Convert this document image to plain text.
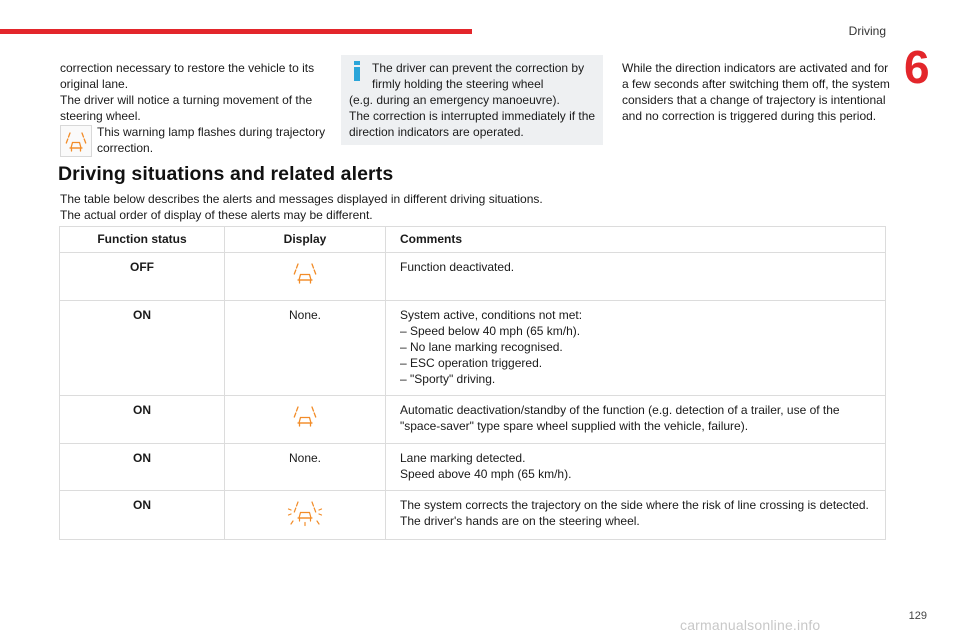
Driving
6
correction necessary to restore the vehicle to its original lane.
The driver will notice a turning movement of the steering wheel.
This warning lamp flashes during trajectory correction.
The driver can prevent the correction by firmly holding the steering wheel
(e.g. during an emergency manoeuvre).
The correction is interrupted immediately if the direction indicators are operated.
While the direction indicators are activated and for a few seconds after switching them off, the system considers that a change of trajectory is intentional and no correction is triggered during this period.
Driving situations and related alerts
The table below describes the alerts and messages displayed in different driving situations.
The actual order of display of these alerts may be different.
Function status	Display	Comments
OFF		Function deactivated.

ON	None.	System active, conditions not met:
– Speed below 40 mph (65 km/h).
– No lane marking recognised.
– ESC operation triggered.
– "Sporty" driving.

ON		Automatic deactivation/standby of the function (e.g. detection of a trailer, use of the "space-saver" type spare wheel supplied with the vehicle, failure).

ON	None.	Lane marking detected.
Speed above 40 mph (65 km/h).

ON		The system corrects the trajectory on the side where the risk of line crossing is detected.
The driver's hands are on the steering wheel.
129
carmanualsonline.info
